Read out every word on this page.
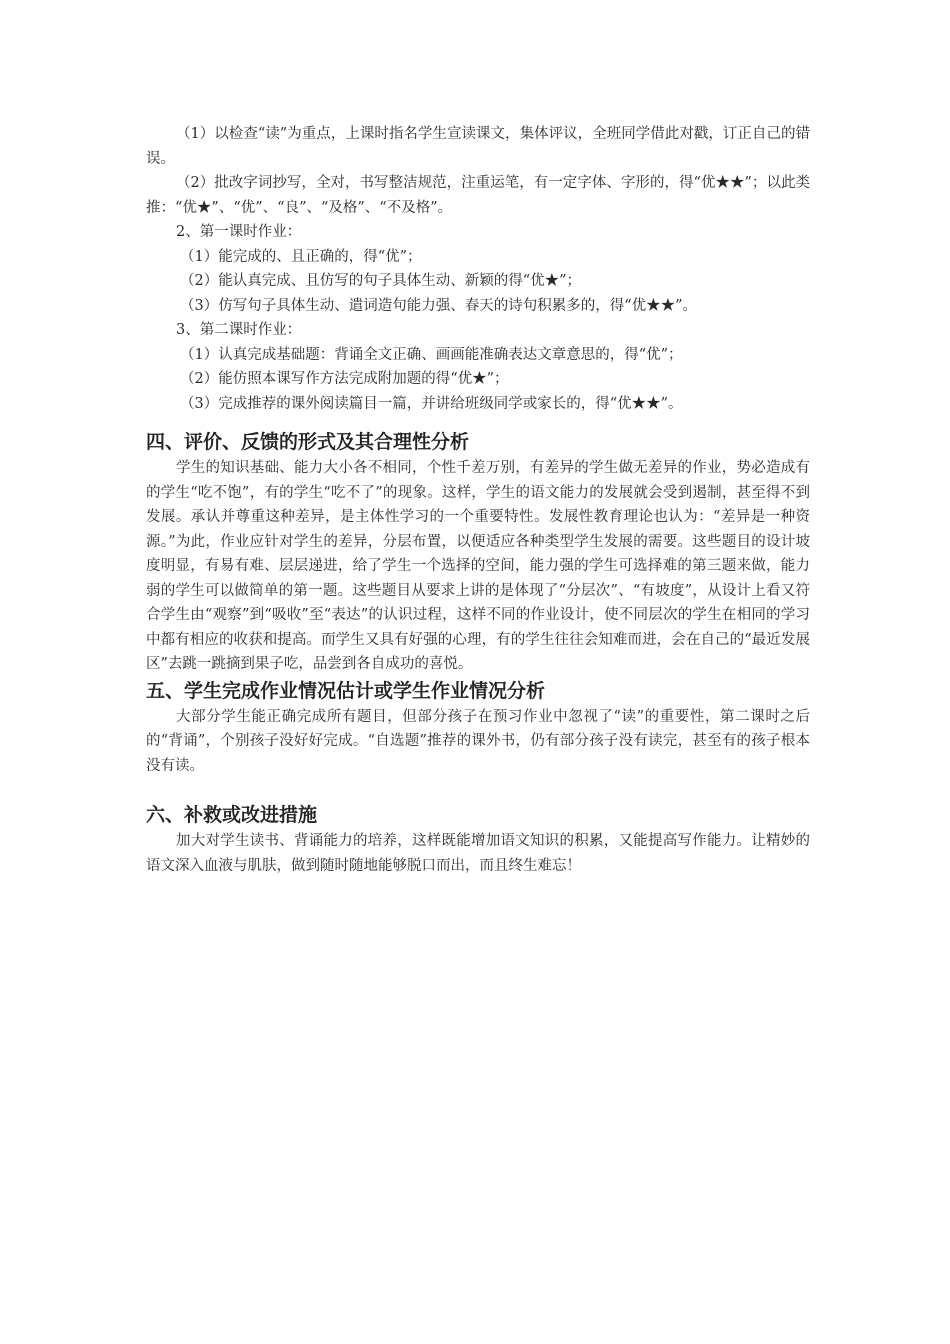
（1）以检查“读”为重点，上课时指名学生宣读课文，集体评议，全班同学借此对戳，订正自己的错误。

（2）批改字词抄写，全对，书写整洁规范，注重运笔，有一定字体、字形的，得“优★★”；以此类推：“优★”、“优”、“良”、“及格”、“不及格”。

2、第一课时作业：

（1）能完成的、且正确的，得“优”；

（2）能认真完成、且仿写的句子具体生动、新颖的得“优★”；

（3）仿写句子具体生动、遣词造句能力强、春天的诗句积累多的，得“优★★”。

3、第二课时作业：

（1）认真完成基础题：背诵全文正确、画画能准确表达文章意思的，得“优”；

（2）能仿照本课写作方法完成附加题的得“优★”；

（3）完成推荐的课外阅读篇目一篇，并讲给班级同学或家长的，得“优★★”。

四、评价、反馈的形式及其合理性分析

学生的知识基础、能力大小各不相同，个性千差万别，有差异的学生做无差异的作业，势必造成有的学生“吃不饱”，有的学生“吃不了”的现象。这样，学生的语文能力的发展就会受到遏制，甚至得不到发展。承认并尊重这种差异，是主体性学习的一个重要特性。发展性教育理论也认为：“差异是一种资源。”为此，作业应针对学生的差异，分层布置，以便适应各种类型学生发展的需要。这些题目的设计坡度明显，有易有难、层层递进，给了学生一个选择的空间，能力强的学生可选择难的第三题来做，能力弱的学生可以做简单的第一题。这些题目从要求上讲的是体现了“分层次”、“有坡度”，从设计上看又符合学生由“观察”到“吸收”至“表达”的认识过程，这样不同的作业设计，使不同层次的学生在相同的学习中都有相应的收获和提高。而学生又具有好强的心理，有的学生往往会知难而进，会在自己的“最近发展区”去跳一跳摘到果子吃，品尝到各自成功的喜悦。

五、学生完成作业情况估计或学生作业情况分析

大部分学生能正确完成所有题目，但部分孩子在预习作业中忽视了“读”的重要性，第二课时之后的“背诵”，个别孩子没好好完成。“自选题”推荐的课外书，仍有部分孩子没有读完，甚至有的孩子根本没有读。

六、补救或改进措施

加大对学生读书、背诵能力的培养，这样既能增加语文知识的积累，又能提高写作能力。让精妙的语文深入血液与肌肤，做到随时随地能够脱口而出，而且终生难忘！
